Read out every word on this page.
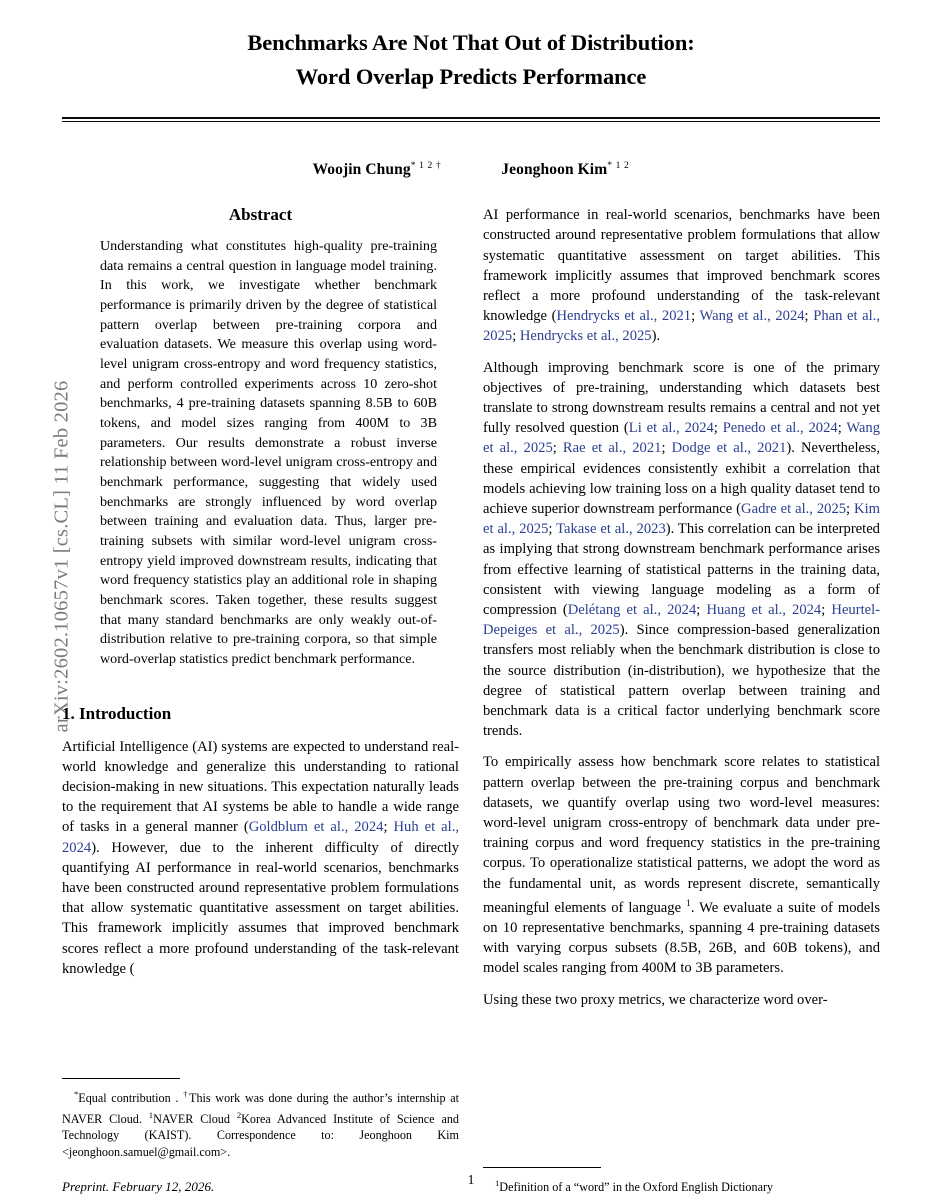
arXiv:2602.10657v1 [cs.CL] 11 Feb 2026
Benchmarks Are Not That Out of Distribution:
Word Overlap Predicts Performance
Woojin Chung$^{* 1 2 \dagger}$	Jeonghoon Kim$^{* 1 2}$
Abstract
Understanding what constitutes high-quality pre-training data remains a central question in language model training. In this work, we investigate whether benchmark performance is primarily driven by the degree of statistical pattern overlap between pre-training corpora and evaluation datasets. We measure this overlap using word-level unigram cross-entropy and word frequency statistics, and perform controlled experiments across 10 zero-shot benchmarks, 4 pre-training datasets spanning 8.5B to 60B tokens, and model sizes ranging from 400M to 3B parameters. Our results demonstrate a robust inverse relationship between word-level unigram cross-entropy and benchmark performance, suggesting that widely used benchmarks are strongly influenced by word overlap between training and evaluation data. Thus, larger pre-training subsets with similar word-level unigram cross-entropy yield improved downstream results, indicating that word frequency statistics play an additional role in shaping benchmark scores. Taken together, these results suggest that many standard benchmarks are only weakly out-of-distribution relative to pre-training corpora, so that simple word-overlap statistics predict benchmark performance.
1. Introduction

Artificial Intelligence (AI) systems are expected to understand real-world knowledge and generalize this understanding to rational decision-making in new situations. This expectation naturally leads to the requirement that AI systems be able to handle a wide range of tasks in a general manner (Goldblum et al., 2024; Huh et al., 2024). However, due to the inherent difficulty of directly quantifying AI performance in real-world scenarios, benchmarks have been constructed around representative problem formulations that allow systematic quantitative assessment on target abilities. This framework implicitly assumes that improved benchmark scores reflect a more profound understanding of the task-relevant knowledge (

*Equal contribution . †This work was done during the author’s internship at NAVER Cloud. $^1$NAVER Cloud $^2$Korea Advanced Institute of Science and Technology (KAIST). Correspondence to: Jeonghoon Kim <jeonghoon.samuel@gmail.com>.
Preprint. February 12, 2026.

AI performance in real-world scenarios, benchmarks have been constructed around representative problem formulations that allow systematic quantitative assessment on target abilities. This framework implicitly assumes that improved benchmark scores reflect a more profound understanding of the task-relevant knowledge (Hendrycks et al., 2021; Wang et al., 2024; Phan et al., 2025; Hendrycks et al., 2025).

Although improving benchmark score is one of the primary objectives of pre-training, understanding which datasets best translate to strong downstream results remains a central and not yet fully resolved question (Li et al., 2024; Penedo et al., 2024; Wang et al., 2025; Rae et al., 2021; Dodge et al., 2021). Nevertheless, these empirical evidences consistently exhibit a correlation that models achieving low training loss on a high quality dataset tend to achieve superior downstream performance (Gadre et al., 2025; Kim et al., 2025; Takase et al., 2023). This correlation can be interpreted as implying that strong downstream benchmark performance arises from effective learning of statistical patterns in the training data, consistent with viewing language modeling as a form of compression (Delétang et al., 2024; Huang et al., 2024; Heurtel-Depeiges et al., 2025). Since compression-based generalization transfers most reliably when the benchmark distribution is close to the source distribution (in-distribution), we hypothesize that the degree of statistical pattern overlap between training and benchmark data is a critical factor underlying benchmark score trends.

To empirically assess how benchmark score relates to statistical pattern overlap between the pre-training corpus and benchmark datasets, we quantify overlap using two word-level measures: word-level unigram cross-entropy of benchmark data under pre-training corpus and word frequency statistics in the pre-training corpus. To operationalize statistical patterns, we adopt the word as the fundamental unit, as words represent discrete, semantically meaningful elements of language $^1$. We evaluate a suite of models on 10 representative benchmarks, spanning 4 pre-training datasets with varying corpus subsets (8.5B, 26B, and 60B tokens), and model scales ranging from 400M to 3B parameters.

Using these two proxy metrics, we characterize word over-

$^1$Definition of a “word” in the Oxford English Dictionary
1
